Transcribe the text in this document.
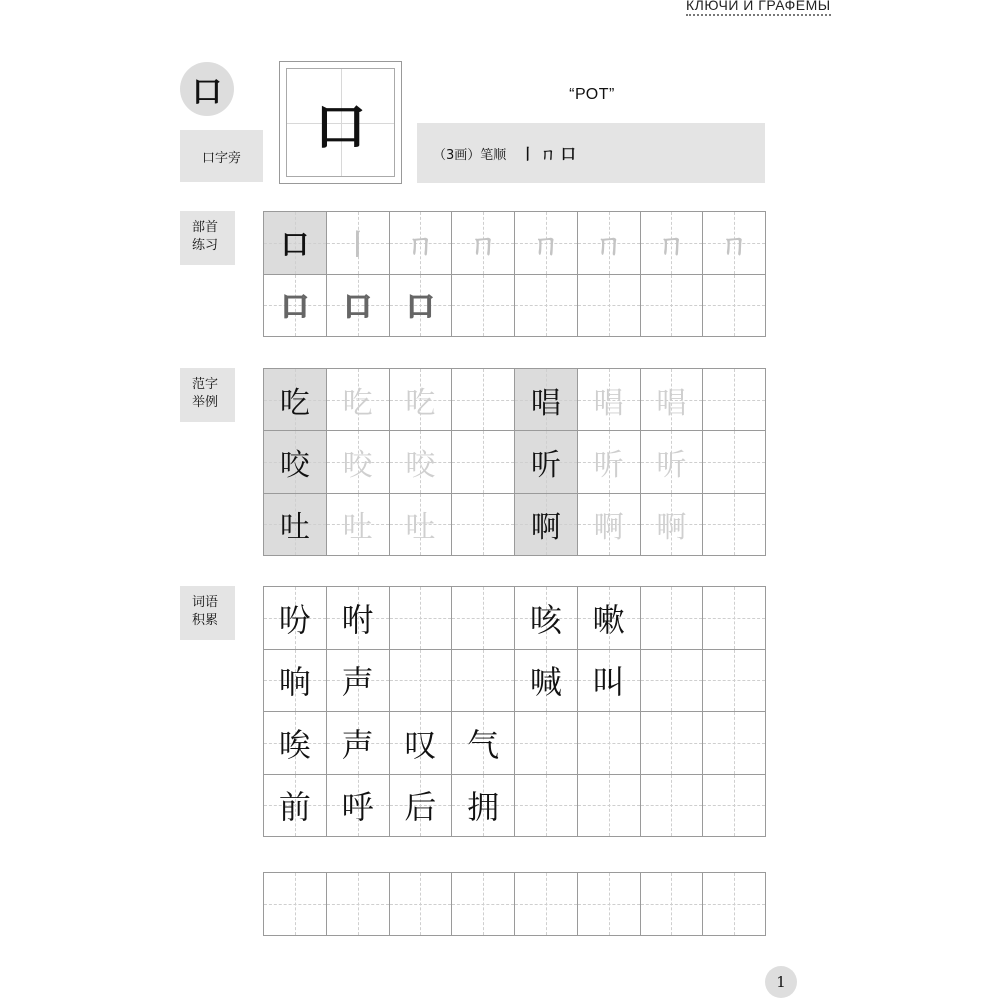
КЛЮЧИ И ГРАФЕМЫ
口
口字旁	口
“РОТ”
（3画）笔顺 丨 ㄇ 口
部首
练习
范字
举例
词语
积累
口 丨 ㄇ ㄇ ㄇ ㄇ ㄇ ㄇ
口 口 口
吃 吃 吃	唱 唱 唱
咬 咬 咬	听 听 听
吐 吐 吐	啊 啊 啊
吩 咐	咳 嗽
响 声	喊 叫
唉 声 叹 气
前 呼 后 拥
1
